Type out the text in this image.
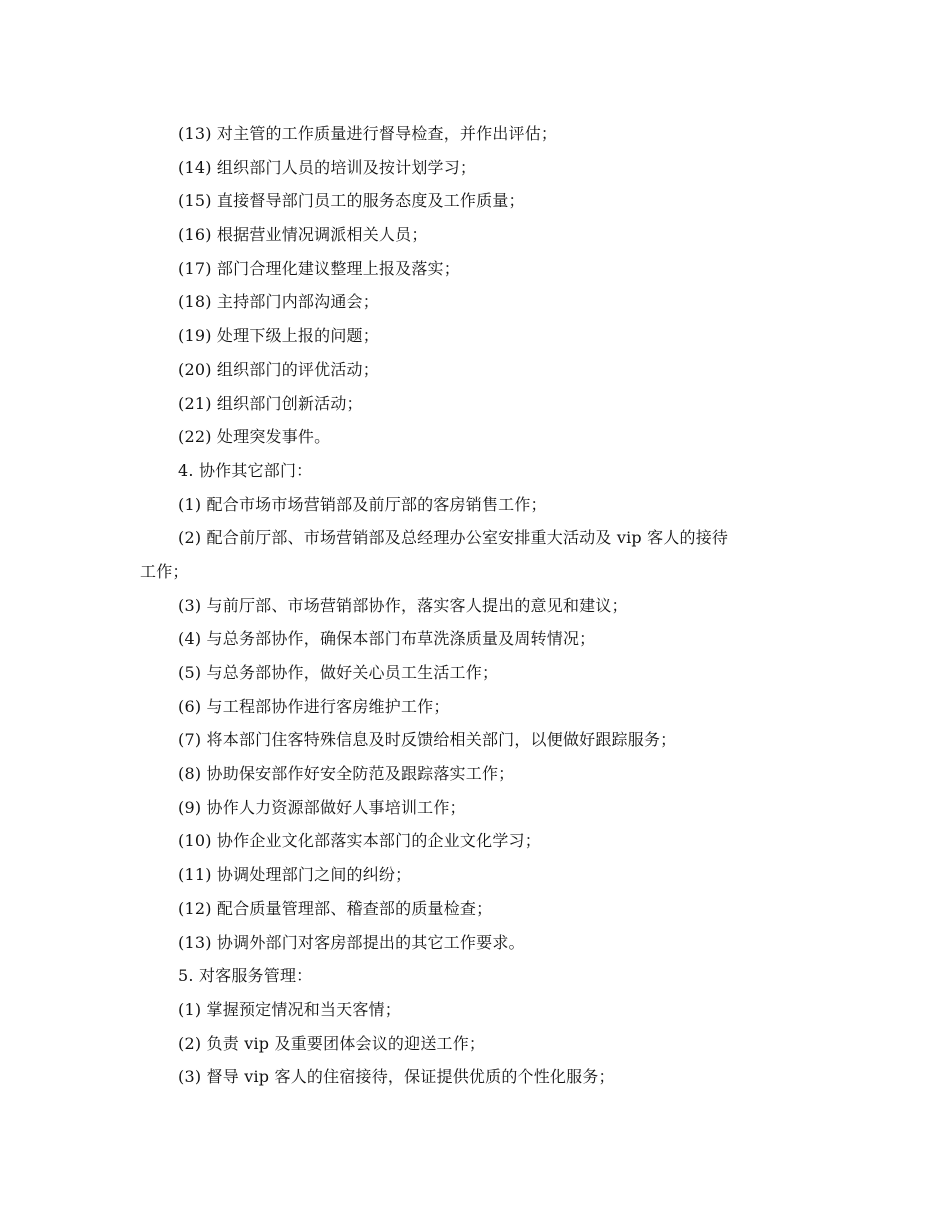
(13) 对主管的工作质量进行督导检查，并作出评估；
(14) 组织部门人员的培训及按计划学习；
(15) 直接督导部门员工的服务态度及工作质量；
(16) 根据营业情况调派相关人员；
(17) 部门合理化建议整理上报及落实；
(18) 主持部门内部沟通会；
(19) 处理下级上报的问题；
(20) 组织部门的评优活动；
(21) 组织部门创新活动；
(22) 处理突发事件。
4. 协作其它部门：
(1) 配合市场市场营销部及前厅部的客房销售工作；
(2) 配合前厅部、市场营销部及总经理办公室安排重大活动及 vip 客人的接待
工作；
(3) 与前厅部、市场营销部协作，落实客人提出的意见和建议；
(4) 与总务部协作，确保本部门布草洗涤质量及周转情况；
(5) 与总务部协作，做好关心员工生活工作；
(6) 与工程部协作进行客房维护工作；
(7) 将本部门住客特殊信息及时反馈给相关部门，以便做好跟踪服务；
(8) 协助保安部作好安全防范及跟踪落实工作；
(9) 协作人力资源部做好人事培训工作；
(10) 协作企业文化部落实本部门的企业文化学习；
(11) 协调处理部门之间的纠纷；
(12) 配合质量管理部、稽查部的质量检查；
(13) 协调外部门对客房部提出的其它工作要求。
5. 对客服务管理：
(1) 掌握预定情况和当天客情；
(2) 负责 vip 及重要团体会议的迎送工作；
(3) 督导 vip 客人的住宿接待，保证提供优质的个性化服务；
